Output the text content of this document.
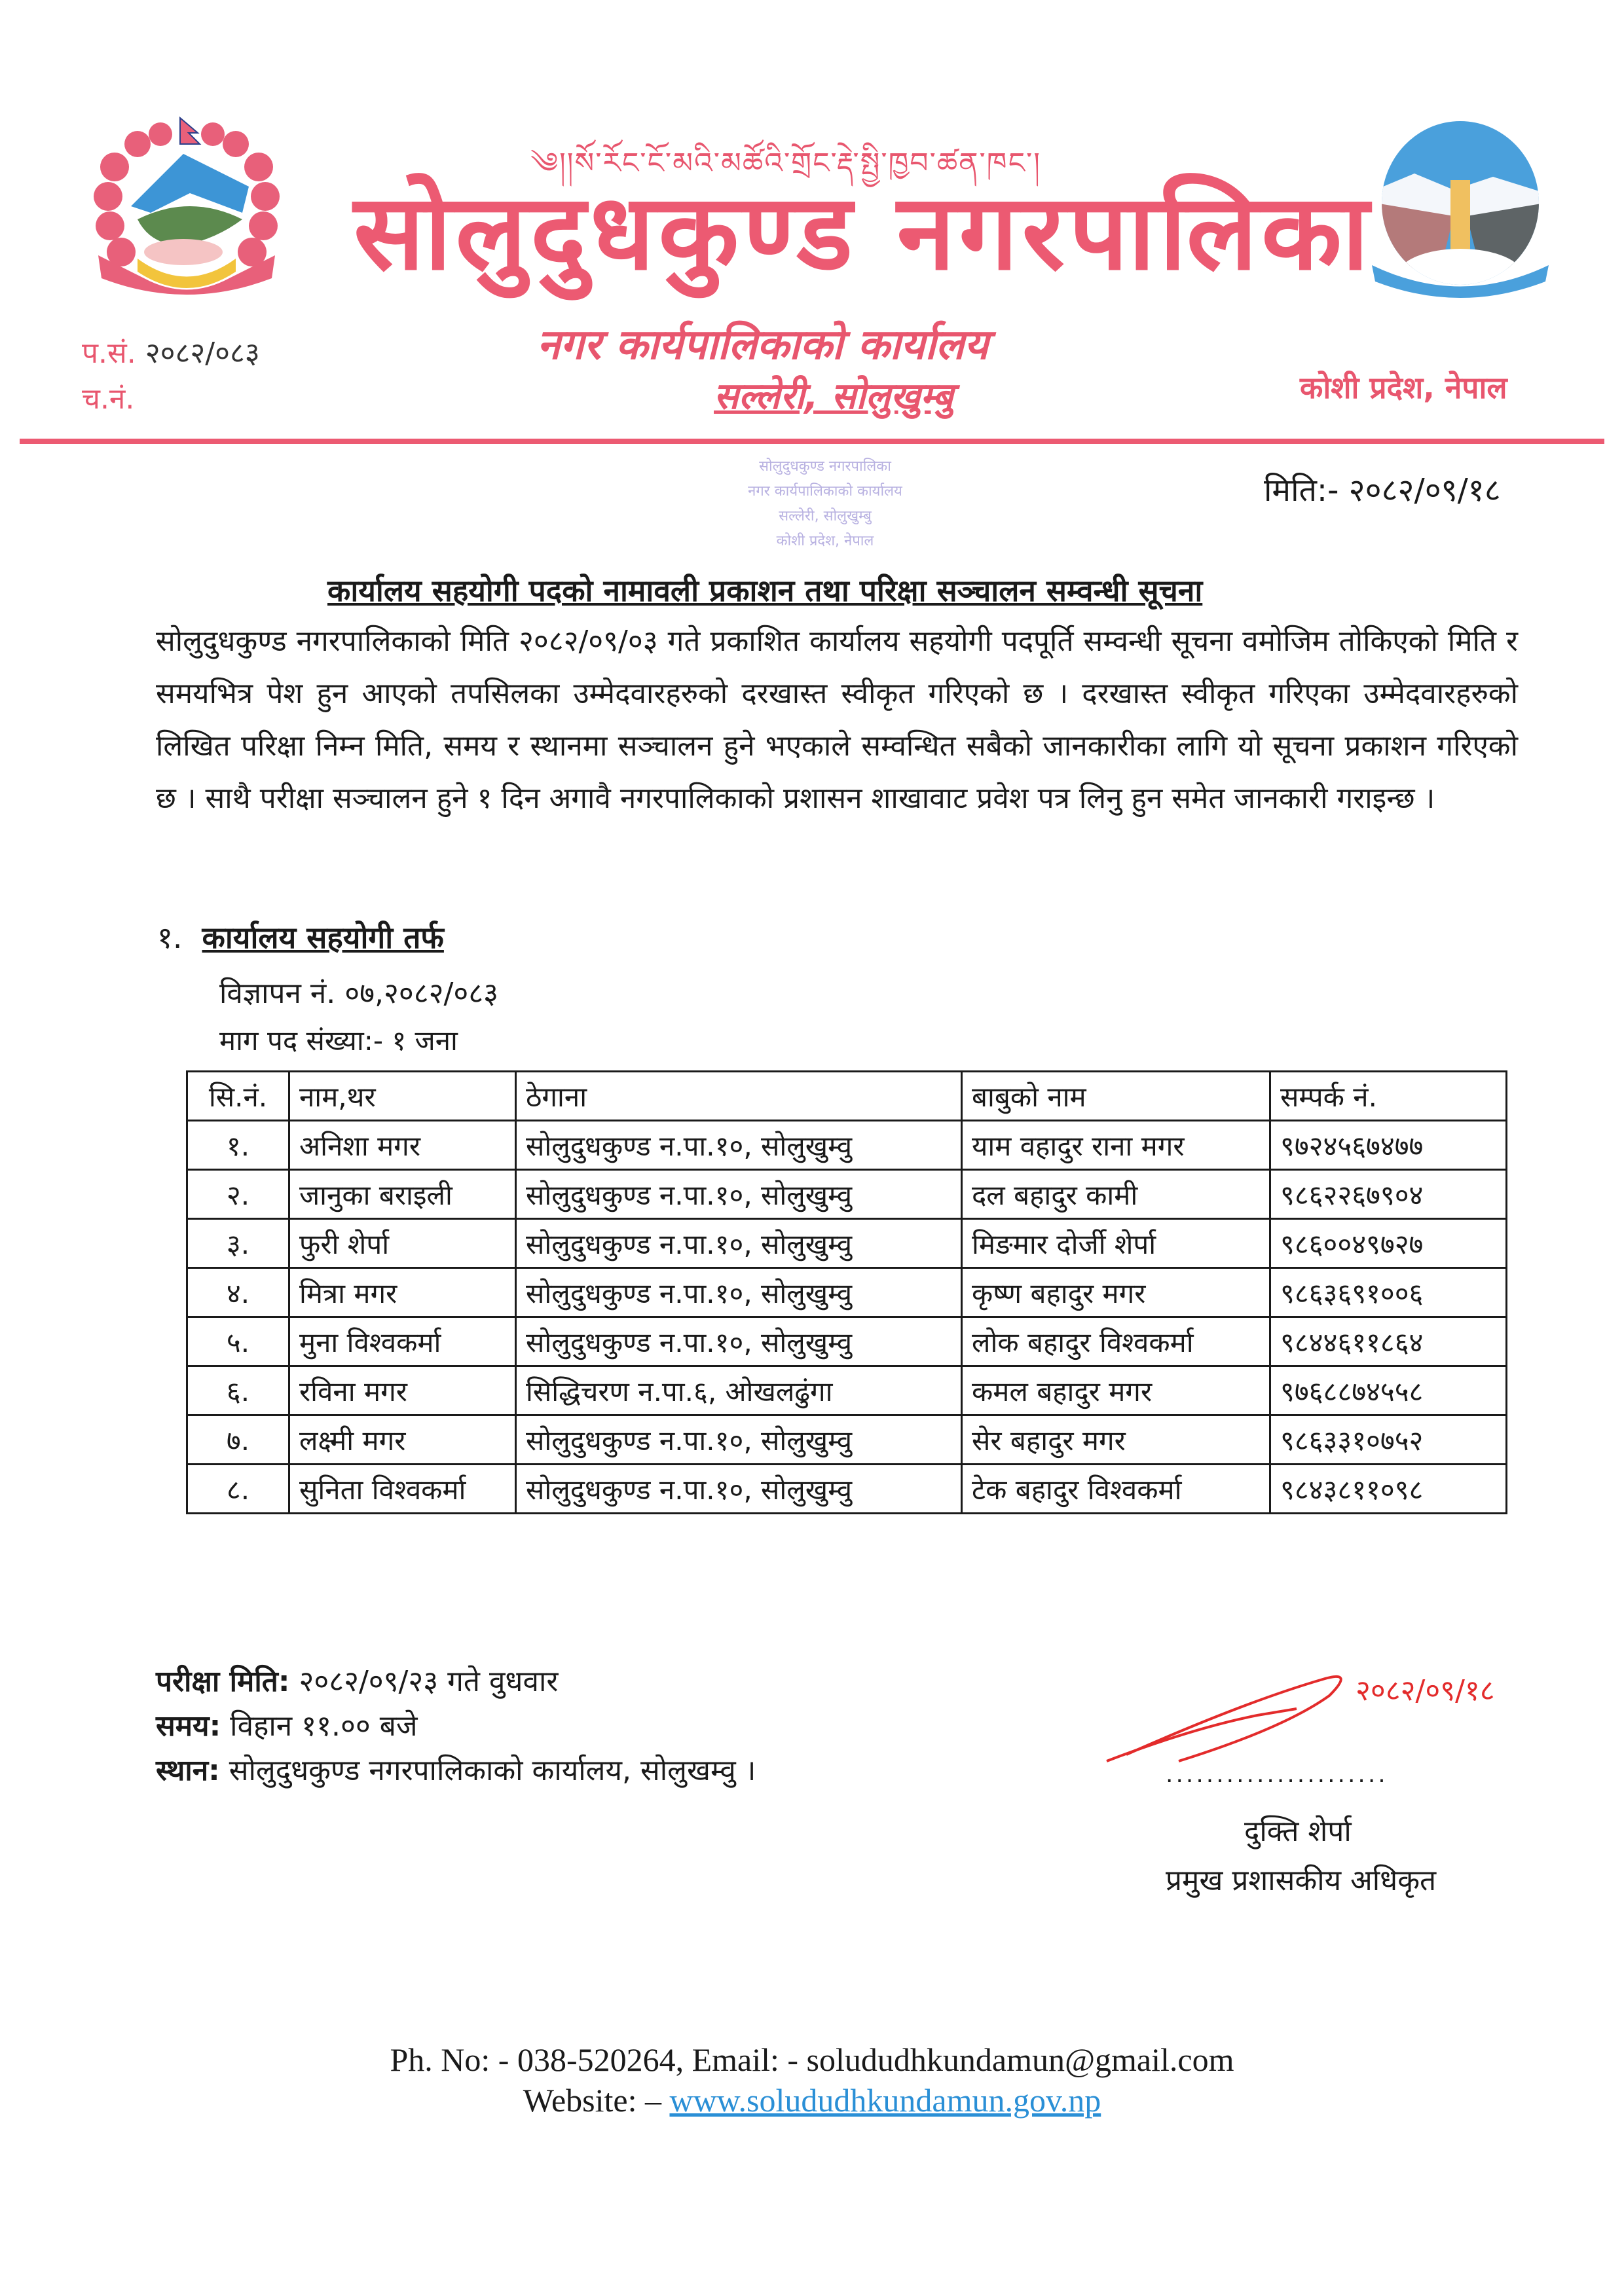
༄།།སོ་རོང་ངོ་མའི་མཚོའི་གྲོང་རྡེ་སྤྱི་ཁྱབ་ཚན་ཁང་།
सोलुदुधकुण्ड नगरपालिका
नगर कार्यपालिकाको कार्यालय
सल्लेरी, सोलुखुम्बु
प.सं. २०८२/०८३
च.नं.	कोशी प्रदेश, नेपाल
सोलुदुधकुण्ड नगरपालिका
नगर कार्यपालिकाको कार्यालय
सल्लेरी, सोलुखुम्बु
कोशी प्रदेश, नेपाल
मिति:- २०८२/०९/१८
कार्यालय सहयोगी पदको नामावली प्रकाशन तथा परिक्षा सञ्चालन सम्वन्धी सूचना
सोलुदुधकुण्ड नगरपालिकाको मिति २०८२/०९/०३ गते प्रकाशित कार्यालय सहयोगी पदपूर्ति सम्वन्धी सूचना वमोजिम तोकिएको मिति र समयभित्र पेश हुन आएको तपसिलका उम्मेदवारहरुको दरखास्त स्वीकृत गरिएको छ । दरखास्त स्वीकृत गरिएका उम्मेदवारहरुको लिखित परिक्षा निम्न मिति, समय र स्थानमा सञ्चालन हुने भएकाले सम्वन्धित सबैको जानकारीका लागि यो सूचना प्रकाशन गरिएको छ । साथै परीक्षा सञ्चालन हुने १ दिन अगावै नगरपालिकाको प्रशासन शाखावाट प्रवेश पत्र लिनु हुन समेत जानकारी गराइन्छ ।
१. कार्यालय सहयोगी तर्फ
विज्ञापन नं. ०७,२०८२/०८३
माग पद संख्या:- १ जना
सि.नं.	नाम,थर	ठेगाना	बाबुको नाम	सम्पर्क नं.
१.	अनिशा मगर	सोलुदुधकुण्ड न.पा.१०, सोलुखुम्वु	याम वहादुर राना मगर	९७२४५६७४७७
२.	जानुका बराइली	सोलुदुधकुण्ड न.पा.१०, सोलुखुम्वु	दल बहादुर कामी	९८६२२६७९०४
३.	फुरी शेर्पा	सोलुदुधकुण्ड न.पा.१०, सोलुखुम्वु	मिङमार दोर्जी शेर्पा	९८६००४९७२७
४.	मित्रा मगर	सोलुदुधकुण्ड न.पा.१०, सोलुखुम्वु	कृष्ण बहादुर मगर	९८६३६९१००६
५.	मुना विश्वकर्मा	सोलुदुधकुण्ड न.पा.१०, सोलुखुम्वु	लोक बहादुर विश्वकर्मा	९८४४६११८६४
६.	रविना मगर	सिद्धिचरण न.पा.६, ओखलढुंगा	कमल बहादुर मगर	९७६८८७४५५८
७.	लक्ष्मी मगर	सोलुदुधकुण्ड न.पा.१०, सोलुखुम्वु	सेर बहादुर मगर	९८६३३१०७५२
८.	सुनिता विश्वकर्मा	सोलुदुधकुण्ड न.पा.१०, सोलुखुम्वु	टेक बहादुर विश्वकर्मा	९८४३८११०९८
परीक्षा मिति: २०८२/०९/२३ गते वुधवार
समय: विहान ११.०० बजे
स्थान: सोलुदुधकुण्ड नगरपालिकाको कार्यालय, सोलुखम्वु ।
२०८२/०९/१८
......................
दुक्ति शेर्पा
प्रमुख प्रशासकीय अधिकृत
Ph. No: - 038-520264, Email: - solududhkundamun@gmail.com
Website: – www.solududhkundamun.gov.np
